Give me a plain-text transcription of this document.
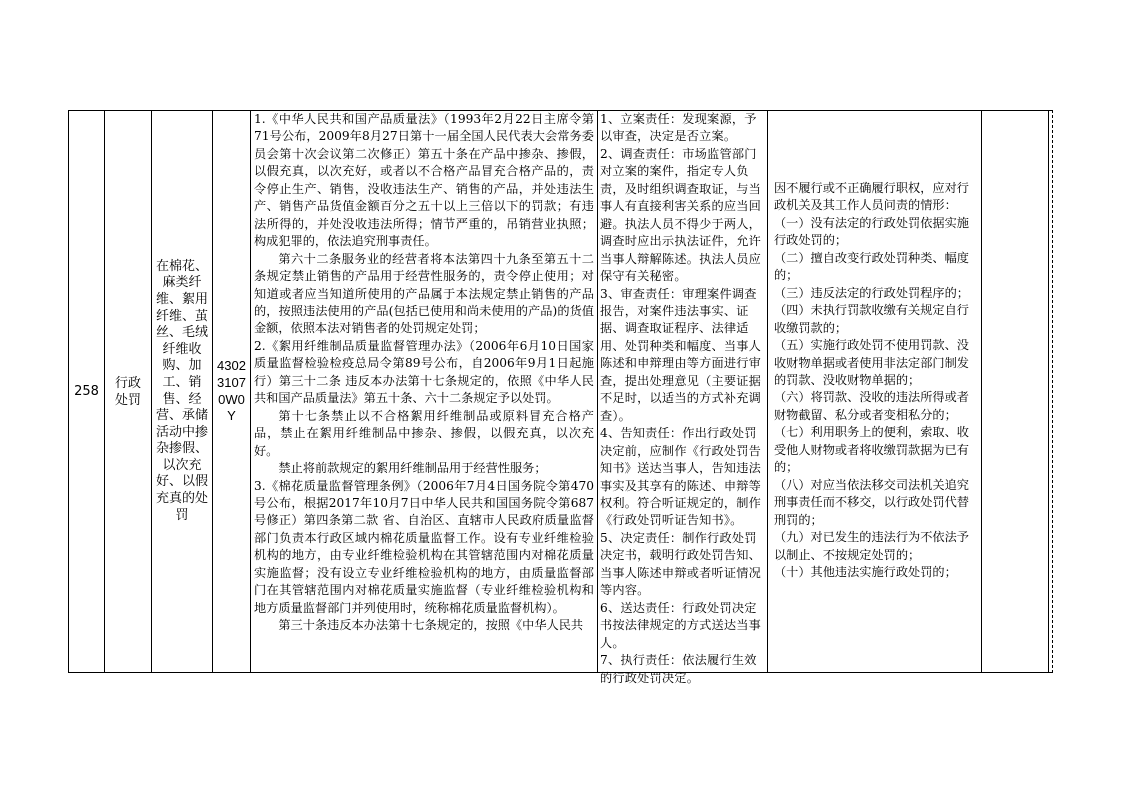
258
行政处罚
在棉花、麻类纤维、絮用纤维、茧丝、毛绒纤维收购、加工、销售、经营、承储活动中掺杂掺假、以次充好、以假充真的处罚
43023107 0W0Y

1.《中华人民共和国产品质量法》（1993年2月22日主席令第71号公布，2009年8月27日第十一届全国人民代表大会常务委员会第十次会议第二次修正）第五十条在产品中掺杂、掺假，以假充真，以次充好，或者以不合格产品冒充合格产品的，责令停止生产、销售，没收违法生产、销售的产品，并处违法生产、销售产品货值金额百分之五十以上三倍以下的罚款；有违法所得的，并处没收违法所得；情节严重的，吊销营业执照；构成犯罪的，依法追究刑事责任。

第六十二条服务业的经营者将本法第四十九条至第五十二条规定禁止销售的产品用于经营性服务的，责令停止使用；对知道或者应当知道所使用的产品属于本法规定禁止销售的产品的，按照违法使用的产品(包括已使用和尚未使用的产品)的货值金额，依照本法对销售者的处罚规定处罚；

2.《絮用纤维制品质量监督管理办法》（2006年6月10日国家质量监督检验检疫总局令第89号公布，自2006年9月1日起施行）第三十二条 违反本办法第十七条规定的，依照《中华人民共和国产品质量法》第五十条、六十二条规定予以处罚。

第十七条禁止以不合格絮用纤维制品或原料冒充合格产品，禁止在絮用纤维制品中掺杂、掺假，以假充真，以次充好。

禁止将前款规定的絮用纤维制品用于经营性服务；

3.《棉花质量监督管理条例》（2006年7月4日国务院令第470号公布，根据2017年10月7日中华人民共和国国务院令第687号修正）第四条第二款 省、自治区、直辖市人民政府质量监督部门负责本行政区域内棉花质量监督工作。设有专业纤维检验机构的地方，由专业纤维检验机构在其管辖范围内对棉花质量实施监督；没有设立专业纤维检验机构的地方，由质量监督部门在其管辖范围内对棉花质量实施监督（专业纤维检验机构和地方质量监督部门并列使用时，统称棉花质量监督机构）。

第三十条违反本办法第十七条规定的，按照《中华人民共

1、立案责任：发现案源，予以审查，决定是否立案。

2、调查责任：市场监管部门对立案的案件，指定专人负责，及时组织调查取证，与当事人有直接利害关系的应当回避。执法人员不得少于两人，调查时应出示执法证件，允许当事人辩解陈述。执法人员应保守有关秘密。

3、审查责任：审理案件调查报告，对案件违法事实、证据、调查取证程序、法律适用、处罚种类和幅度、当事人陈述和申辩理由等方面进行审查，提出处理意见（主要证据不足时，以适当的方式补充调查）。

4、告知责任：作出行政处罚决定前，应制作《行政处罚告知书》送达当事人，告知违法事实及其享有的陈述、申辩等权利。符合听证规定的，制作《行政处罚听证告知书》。

5、决定责任：制作行政处罚决定书，载明行政处罚告知、当事人陈述申辩或者听证情况等内容。

6、送达责任：行政处罚决定书按法律规定的方式送达当事人。

7、执行责任：依法履行生效的行政处罚决定。

因不履行或不正确履行职权，应对行政机关及其工作人员问责的情形：

（一）没有法定的行政处罚依据实施行政处罚的；

（二）擅自改变行政处罚种类、幅度的；

（三）违反法定的行政处罚程序的；

（四）未执行罚款收缴有关规定自行收缴罚款的；

（五）实施行政处罚不使用罚款、没收财物单据或者使用非法定部门制发的罚款、没收财物单据的；

（六）将罚款、没收的违法所得或者财物截留、私分或者变相私分的；

（七）利用职务上的便利，索取、收受他人财物或者将收缴罚款据为已有的；

（八）对应当依法移交司法机关追究刑事责任而不移交，以行政处罚代替刑罚的；

（九）对已发生的违法行为不依法予以制止、不按规定处罚的；

（十）其他违法实施行政处罚的；
